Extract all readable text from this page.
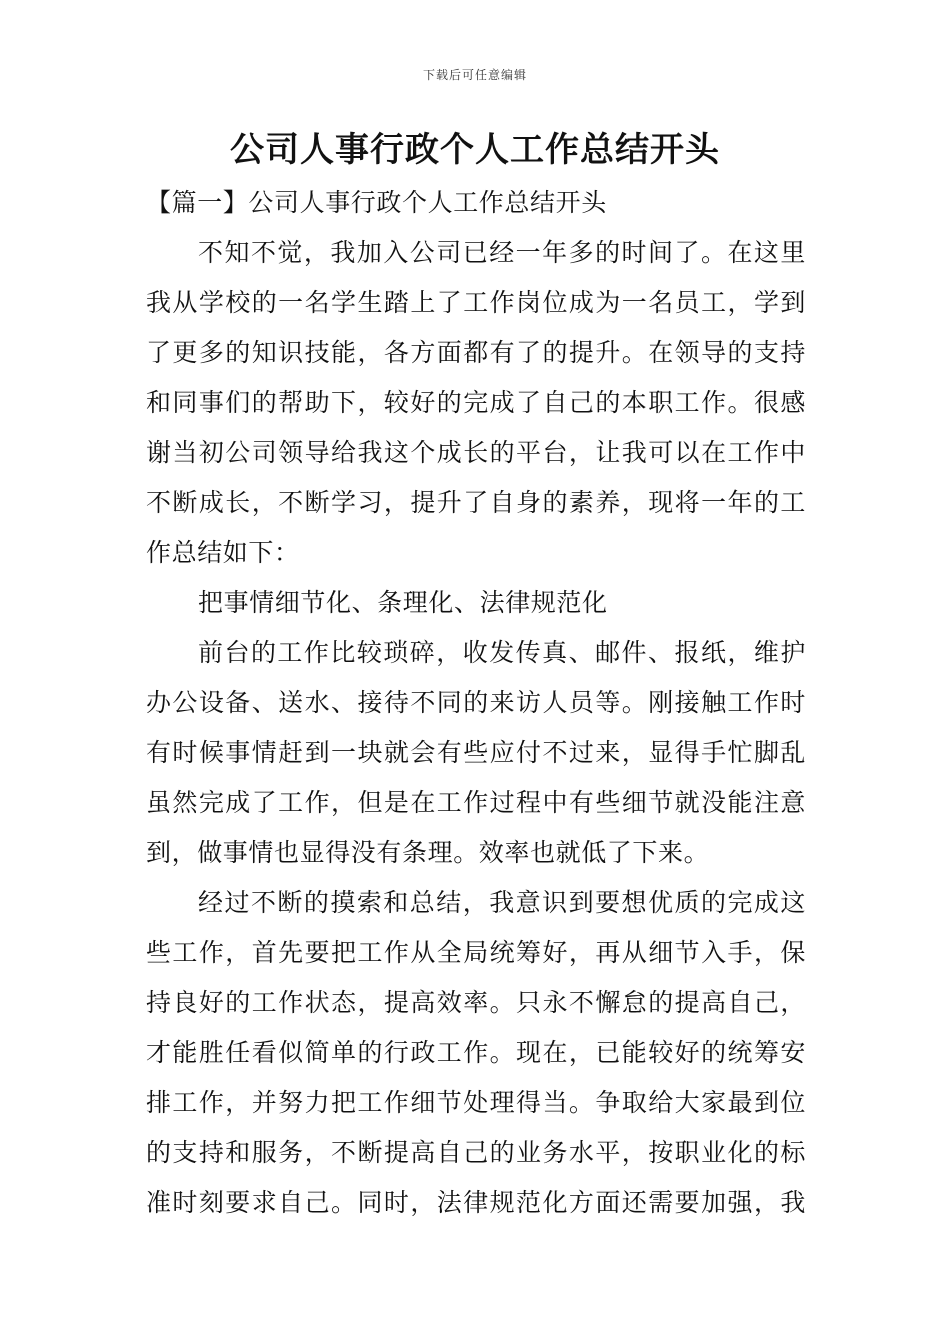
下载后可任意编辑
公司人事行政个人工作总结开头
【篇一】公司人事行政个人工作总结开头
不知不觉，我加入公司已经一年多的时间了。在这里
我从学校的一名学生踏上了工作岗位成为一名员工，学到
了更多的知识技能，各方面都有了的提升。在领导的支持
和同事们的帮助下，较好的完成了自己的本职工作。很感
谢当初公司领导给我这个成长的平台，让我可以在工作中
不断成长，不断学习，提升了自身的素养，现将一年的工
作总结如下：
把事情细节化、条理化、法律规范化
前台的工作比较琐碎，收发传真、邮件、报纸，维护
办公设备、送水、接待不同的来访人员等。刚接触工作时
有时候事情赶到一块就会有些应付不过来，显得手忙脚乱
虽然完成了工作，但是在工作过程中有些细节就没能注意
到，做事情也显得没有条理。效率也就低了下来。
经过不断的摸索和总结，我意识到要想优质的完成这
些工作，首先要把工作从全局统筹好，再从细节入手，保
持良好的工作状态，提高效率。只永不懈怠的提高自己，
才能胜任看似简单的行政工作。现在，已能较好的统筹安
排工作，并努力把工作细节处理得当。争取给大家最到位
的支持和服务，不断提高自己的业务水平，按职业化的标
准时刻要求自己。同时，法律规范化方面还需要加强，我
